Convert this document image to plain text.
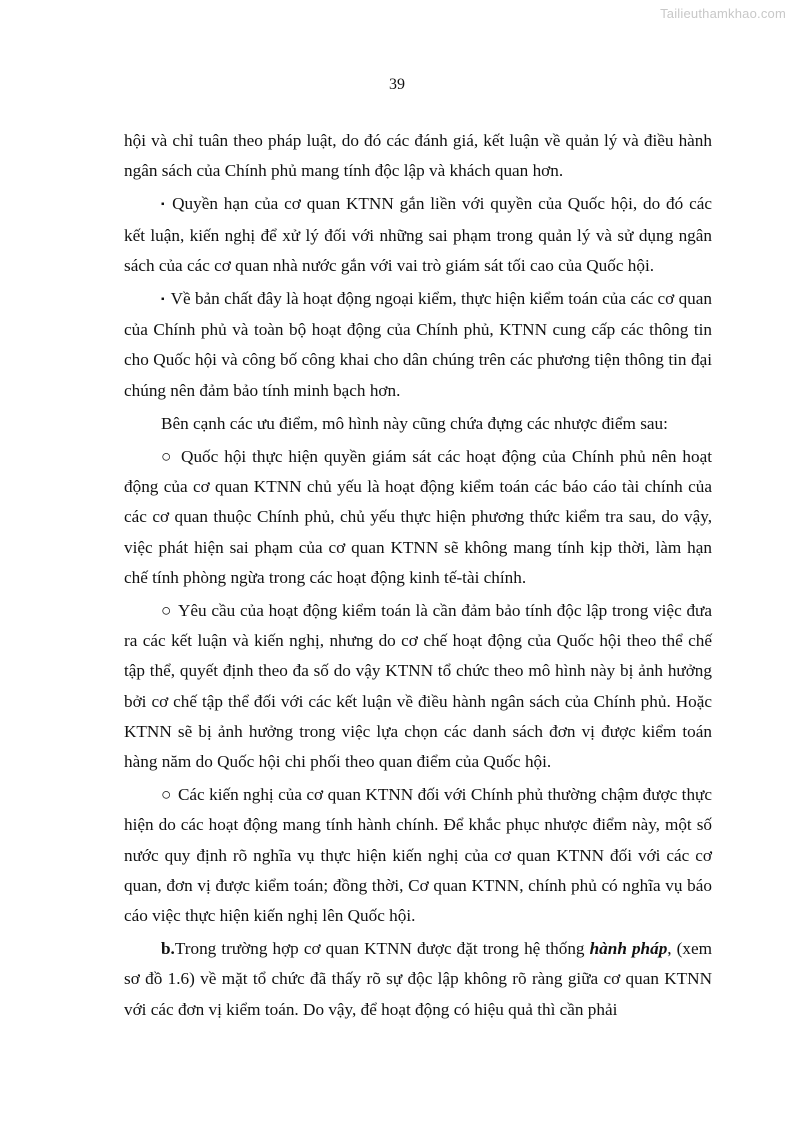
Tailieuthamkhao.com
39

hội và chỉ tuân theo pháp luật, do đó các đánh giá, kết luận về quản lý và điều hành ngân sách của Chính phủ mang tính độc lập và khách quan hơn.

▪ Quyền hạn của cơ quan KTNN gắn liền với quyền của Quốc hội, do đó các kết luận, kiến nghị để xử lý đối với những sai phạm trong quản lý và sử dụng ngân sách của các cơ quan nhà nước gắn với vai trò giám sát tối cao của Quốc hội.

▪ Về bản chất đây là hoạt động ngoại kiểm, thực hiện kiểm toán của các cơ quan của Chính phủ và toàn bộ hoạt động của Chính phủ, KTNN cung cấp các thông tin cho Quốc hội và công bố công khai cho dân chúng trên các phương tiện thông tin đại chúng nên đảm bảo tính minh bạch hơn.

Bên cạnh các ưu điểm, mô hình này cũng chứa đựng các nhược điểm sau:

○ Quốc hội thực hiện quyền giám sát các hoạt động của Chính phủ nên hoạt động của cơ quan KTNN chủ yếu là hoạt động kiểm toán các báo cáo tài chính của các cơ quan thuộc Chính phủ, chủ yếu thực hiện phương thức kiểm tra sau, do vậy, việc phát hiện sai phạm của cơ quan KTNN sẽ không mang tính kịp thời, làm hạn chế tính phòng ngừa trong các hoạt động kinh tế-tài chính.

○ Yêu cầu của hoạt động kiểm toán là cần đảm bảo tính độc lập trong việc đưa ra các kết luận và kiến nghị, nhưng do cơ chế hoạt động của Quốc hội theo thể chế tập thể, quyết định theo đa số do vậy KTNN tổ chức theo mô hình này bị ảnh hưởng bởi cơ chế tập thể đối với các kết luận về điều hành ngân sách của Chính phủ. Hoặc KTNN sẽ bị ảnh hưởng trong việc lựa chọn các danh sách đơn vị được kiểm toán hàng năm do Quốc hội chi phối theo quan điểm của Quốc hội.

○ Các kiến nghị của cơ quan KTNN đối với Chính phủ thường chậm được thực hiện do các hoạt động mang tính hành chính. Để khắc phục nhược điểm này, một số nước quy định rõ nghĩa vụ thực hiện kiến nghị của cơ quan KTNN đối với các cơ quan, đơn vị được kiểm toán; đồng thời, Cơ quan KTNN, chính phủ có nghĩa vụ báo cáo việc thực hiện kiến nghị lên Quốc hội.

b.Trong trường hợp cơ quan KTNN được đặt trong hệ thống hành pháp, (xem sơ đồ 1.6) về mặt tổ chức đã thấy rõ sự độc lập không rõ ràng giữa cơ quan KTNN với các đơn vị kiểm toán. Do vậy, để hoạt động có hiệu quả thì cần phải
